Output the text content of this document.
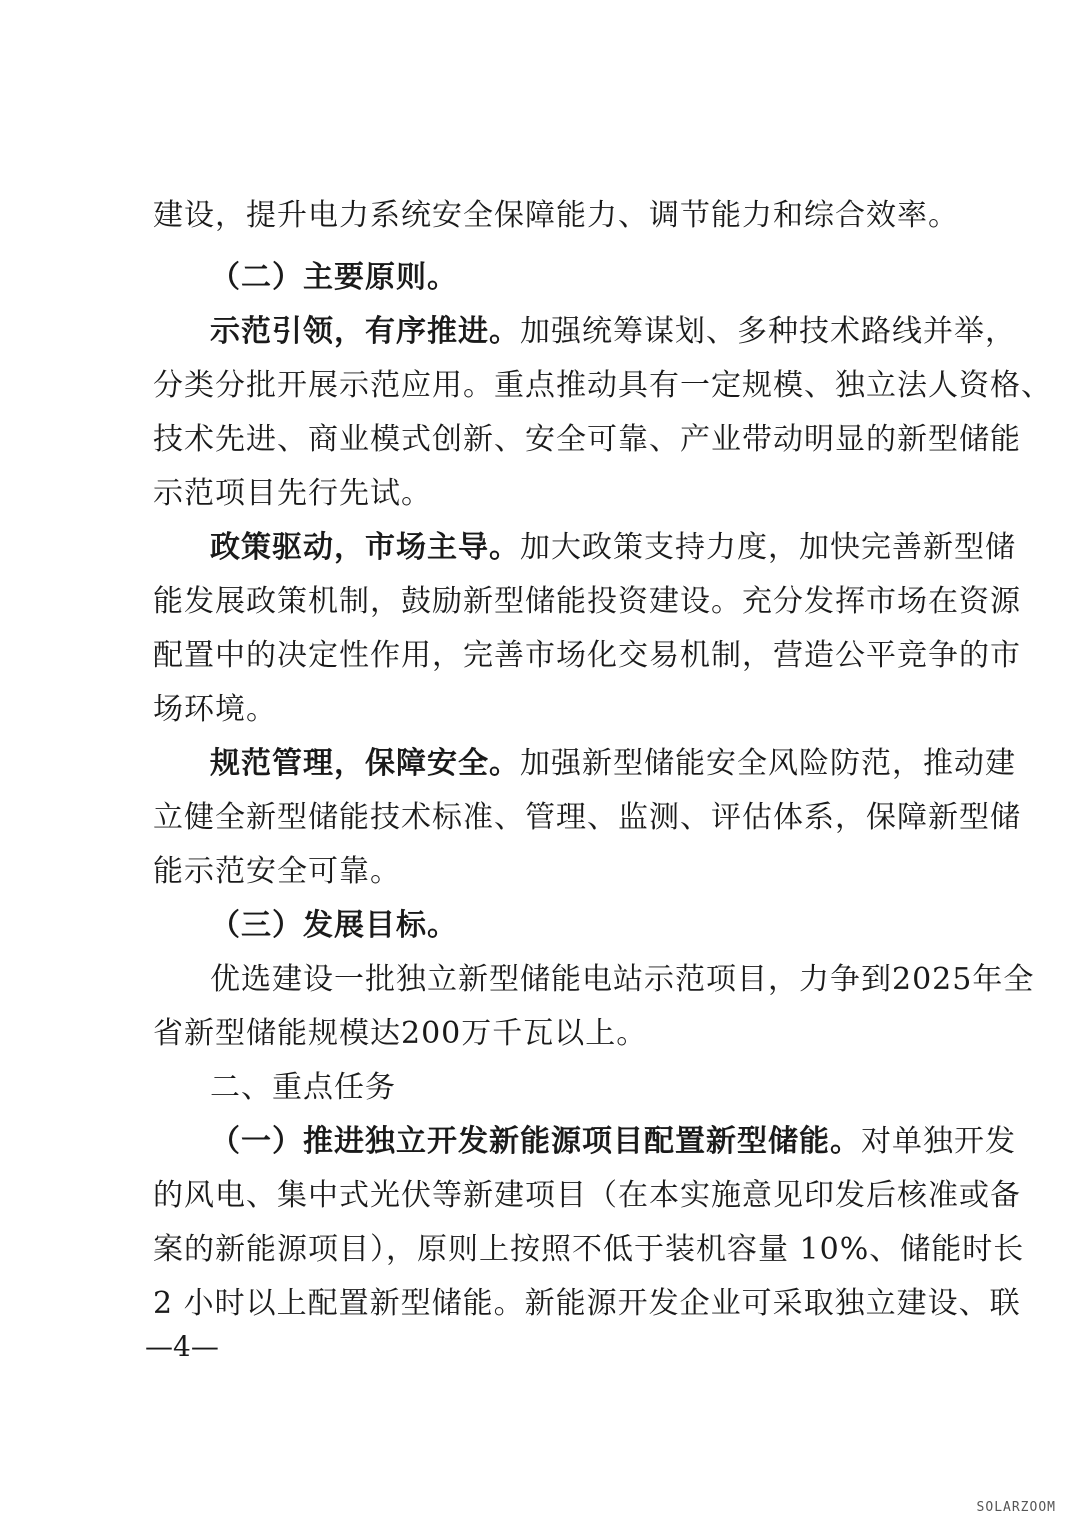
建设，提升电力系统安全保障能力、调节能力和综合效率。
（二）主要原则。
示范引领，有序推进。加强统筹谋划、多种技术路线并举，
分类分批开展示范应用。重点推动具有一定规模、独立法人资格、
技术先进、商业模式创新、安全可靠、产业带动明显的新型储能
示范项目先行先试。
政策驱动，市场主导。加大政策支持力度，加快完善新型储
能发展政策机制，鼓励新型储能投资建设。充分发挥市场在资源
配置中的决定性作用，完善市场化交易机制，营造公平竞争的市
场环境。
规范管理，保障安全。加强新型储能安全风险防范，推动建
立健全新型储能技术标准、管理、监测、评估体系，保障新型储
能示范安全可靠。
（三）发展目标。
优选建设一批独立新型储能电站示范项目，力争到2025年全
省新型储能规模达200万千瓦以上。
二、重点任务
（一）推进独立开发新能源项目配置新型储能。对单独开发
的风电、集中式光伏等新建项目（在本实施意见印发后核准或备
案的新能源项目），原则上按照不低于装机容量 10%、储能时长
2 小时以上配置新型储能。新能源开发企业可采取独立建设、联
—4—
SOLARZOOM
